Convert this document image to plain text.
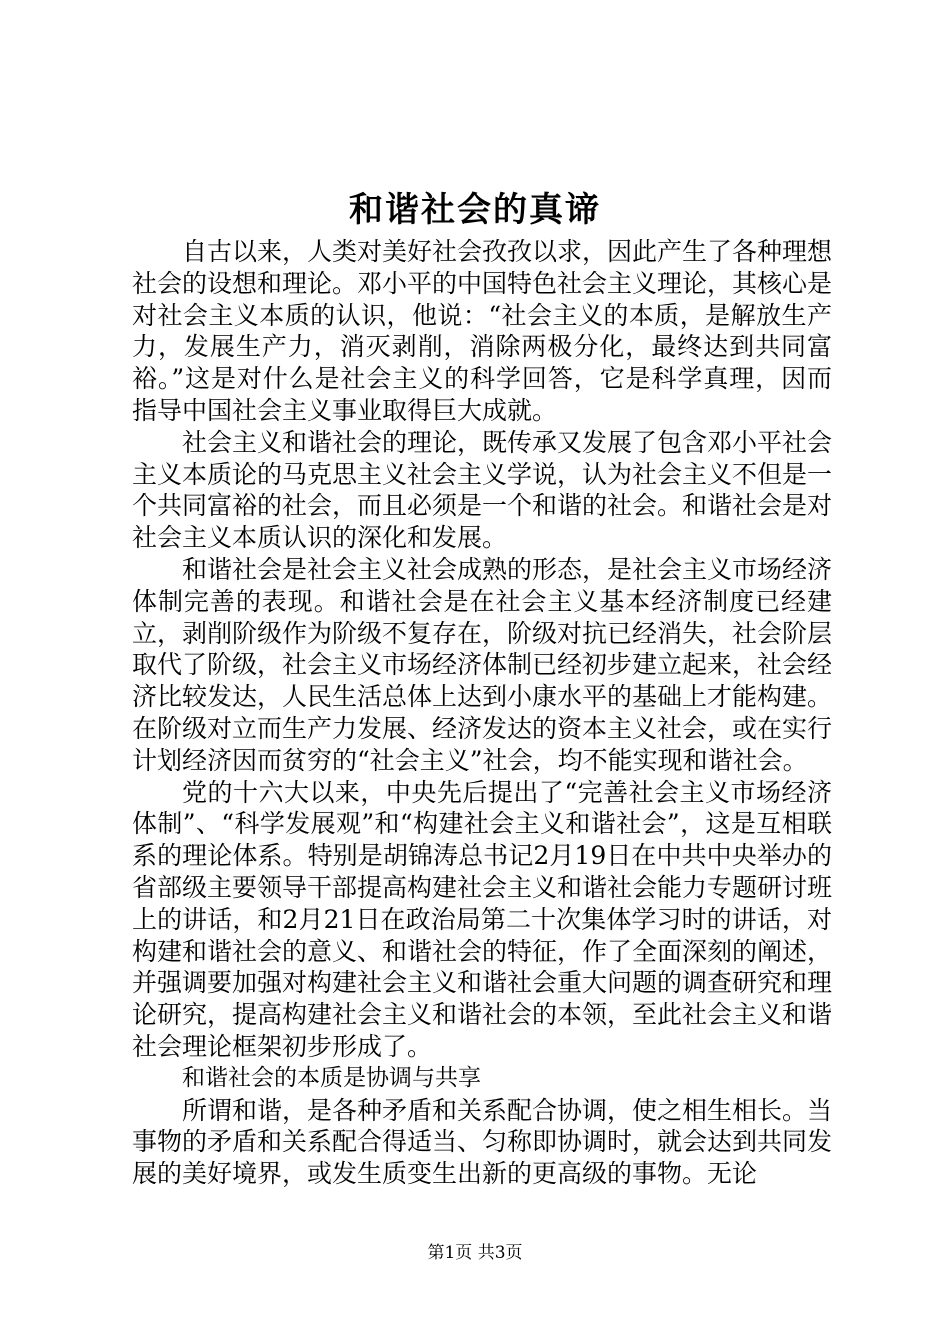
和谐社会的真谛

自古以来，人类对美好社会孜孜以求，因此产生了各种理想社会的设想和理论。邓小平的中国特色社会主义理论，其核心是对社会主义本质的认识，他说：“社会主义的本质，是解放生产力，发展生产力，消灭剥削，消除两极分化，最终达到共同富裕。”这是对什么是社会主义的科学回答，它是科学真理，因而指导中国社会主义事业取得巨大成就。

社会主义和谐社会的理论，既传承又发展了包含邓小平社会主义本质论的马克思主义社会主义学说，认为社会主义不但是一个共同富裕的社会，而且必须是一个和谐的社会。和谐社会是对社会主义本质认识的深化和发展。

和谐社会是社会主义社会成熟的形态，是社会主义市场经济体制完善的表现。和谐社会是在社会主义基本经济制度已经建立，剥削阶级作为阶级不复存在，阶级对抗已经消失，社会阶层取代了阶级，社会主义市场经济体制已经初步建立起来，社会经济比较发达，人民生活总体上达到小康水平的基础上才能构建。在阶级对立而生产力发展、经济发达的资本主义社会，或在实行计划经济因而贫穷的“社会主义”社会，均不能实现和谐社会。

党的十六大以来，中央先后提出了“完善社会主义市场经济体制”、“科学发展观”和“构建社会主义和谐社会”，这是互相联系的理论体系。特别是胡锦涛总书记2月19日在中共中央举办的省部级主要领导干部提高构建社会主义和谐社会能力专题研讨班上的讲话，和2月21日在政治局第二十次集体学习时的讲话，对构建和谐社会的意义、和谐社会的特征，作了全面深刻的阐述，并强调要加强对构建社会主义和谐社会重大问题的调查研究和理论研究，提高构建社会主义和谐社会的本领，至此社会主义和谐社会理论框架初步形成了。

和谐社会的本质是协调与共享

所谓和谐，是各种矛盾和关系配合协调，使之相生相长。当事物的矛盾和关系配合得适当、匀称即协调时，就会达到共同发展的美好境界，或发生质变生出新的更高级的事物。无论

第1页 共3页
